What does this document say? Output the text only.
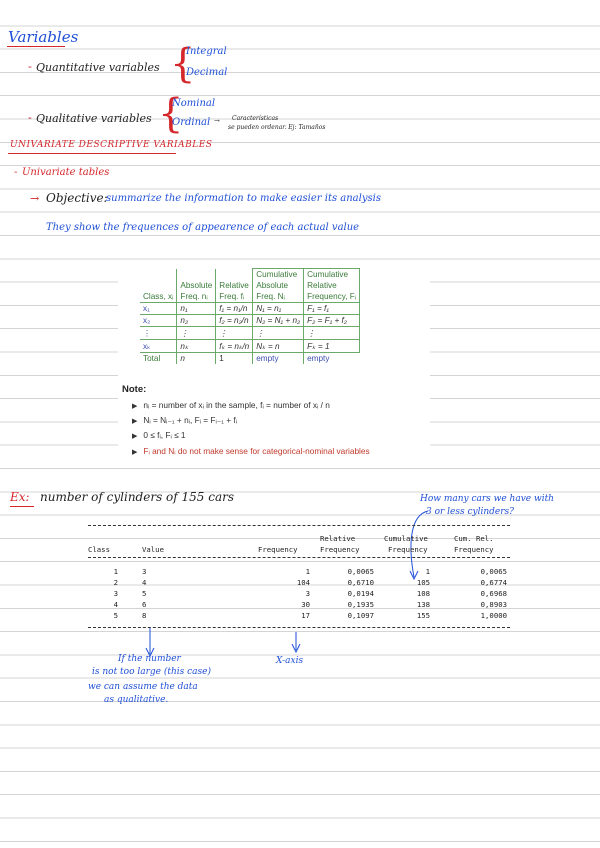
Variables
- Quantitative variables {
Integral
Decimal
- Qualitative variables {
Nominal
Ordinal → Características
se pueden ordenar. Ej: Tamaños
UNIVARIATE DESCRIPTIVE VARIABLES
- Univariate tables
→ Objective:
summarize the information to make easier its analysis
They show the frequences of appearence of each actual value
			Cumulative	Cumulative
	Absolute	Relative	Absolute	Relative
Class, xᵢ	Freq. nᵢ	Freq. fᵢ	Freq. Nᵢ	Frequency, Fᵢ
x₁	n₁	f₁ = n₁/n	N₁ = n₁	F₁ = f₁
x₂	n₂	f₂ = n₂/n	N₂ = N₁ + n₂	F₂ = F₁ + f₂
⋮	⋮	⋮	⋮	⋮
xₖ	nₖ	fₖ = nₖ/n	Nₖ = n	Fₖ = 1
Total	n	1	empty	empty
Note:
▶ nᵢ = number of xᵢ in the sample, fᵢ = number of xᵢ / n
▶ Nᵢ = Nᵢ₋₁ + nᵢ, Fᵢ = Fᵢ₋₁ + fᵢ
▶ 0 ≤ fᵢ, Fᵢ ≤ 1
▶ Fᵢ and Nᵢ do not make sense for categorical-nominal variables
Ex: number of cylinders of 155 cars	How many cars we have with
3 or less cylinders?
Relative	Cumulative	Cum. Rel.
Class	Value	Frequency	Frequency	Frequency	Frequency
1	3	1	0,0065	1	0,0065
2	4	104	0,6710	105	0,6774
3	5	3	0,0194	108	0,6968
4	6	30	0,1935	138	0,8903
5	8	17	0,1097	155	1,0000
If the number
is not too large (this case)
we can assume the data
as qualitative.
X-axis
